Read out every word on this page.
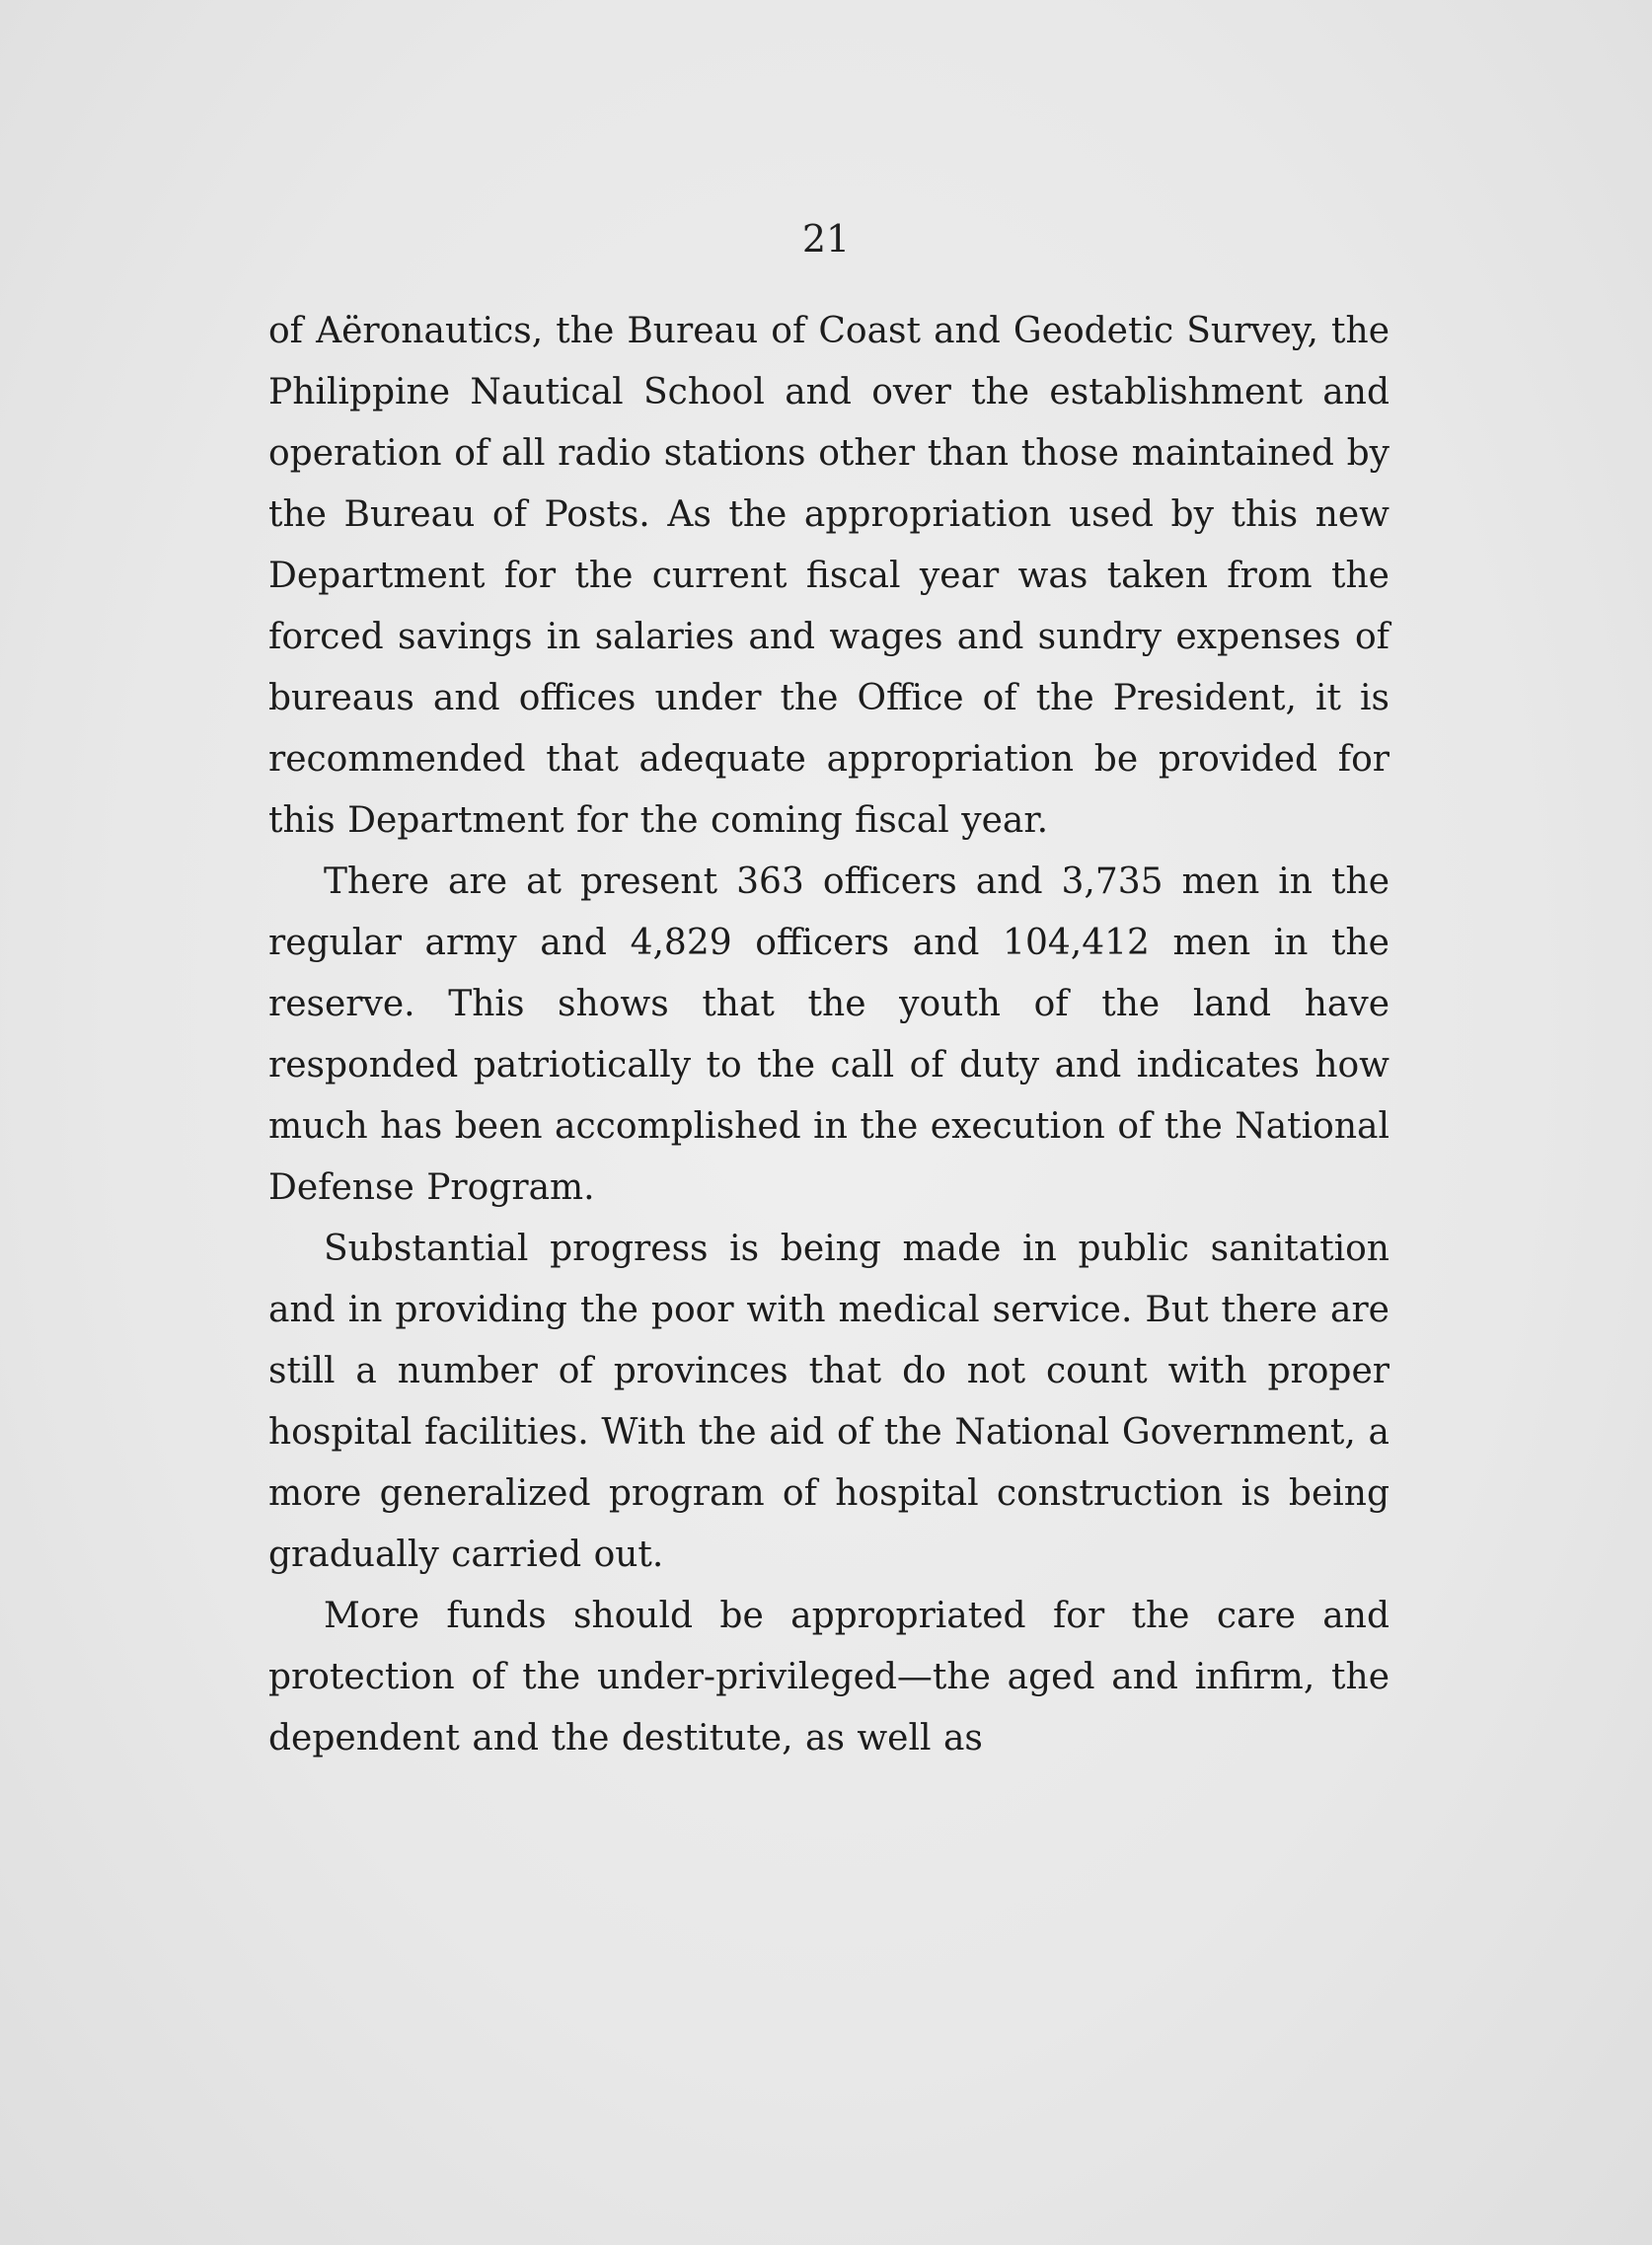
21

of Aëronautics, the Bureau of Coast and Geodetic Survey, the Philippine Nautical School and over the establishment and operation of all radio stations other than those maintained by the Bureau of Posts. As the appropriation used by this new Department for the current fiscal year was taken from the forced savings in salaries and wages and sundry expenses of bureaus and offices under the Office of the President, it is recommended that adequate appropriation be provided for this Department for the coming fiscal year.

There are at present 363 officers and 3,735 men in the regular army and 4,829 officers and 104,412 men in the reserve. This shows that the youth of the land have responded patriotically to the call of duty and indicates how much has been accomplished in the execution of the National Defense Program.

Substantial progress is being made in public sanitation and in providing the poor with medical service. But there are still a number of provinces that do not count with proper hospital facilities. With the aid of the National Government, a more generalized program of hospital construction is being gradually carried out.

More funds should be appropriated for the care and protection of the under-privileged—the aged and infirm, the dependent and the destitute, as well as
